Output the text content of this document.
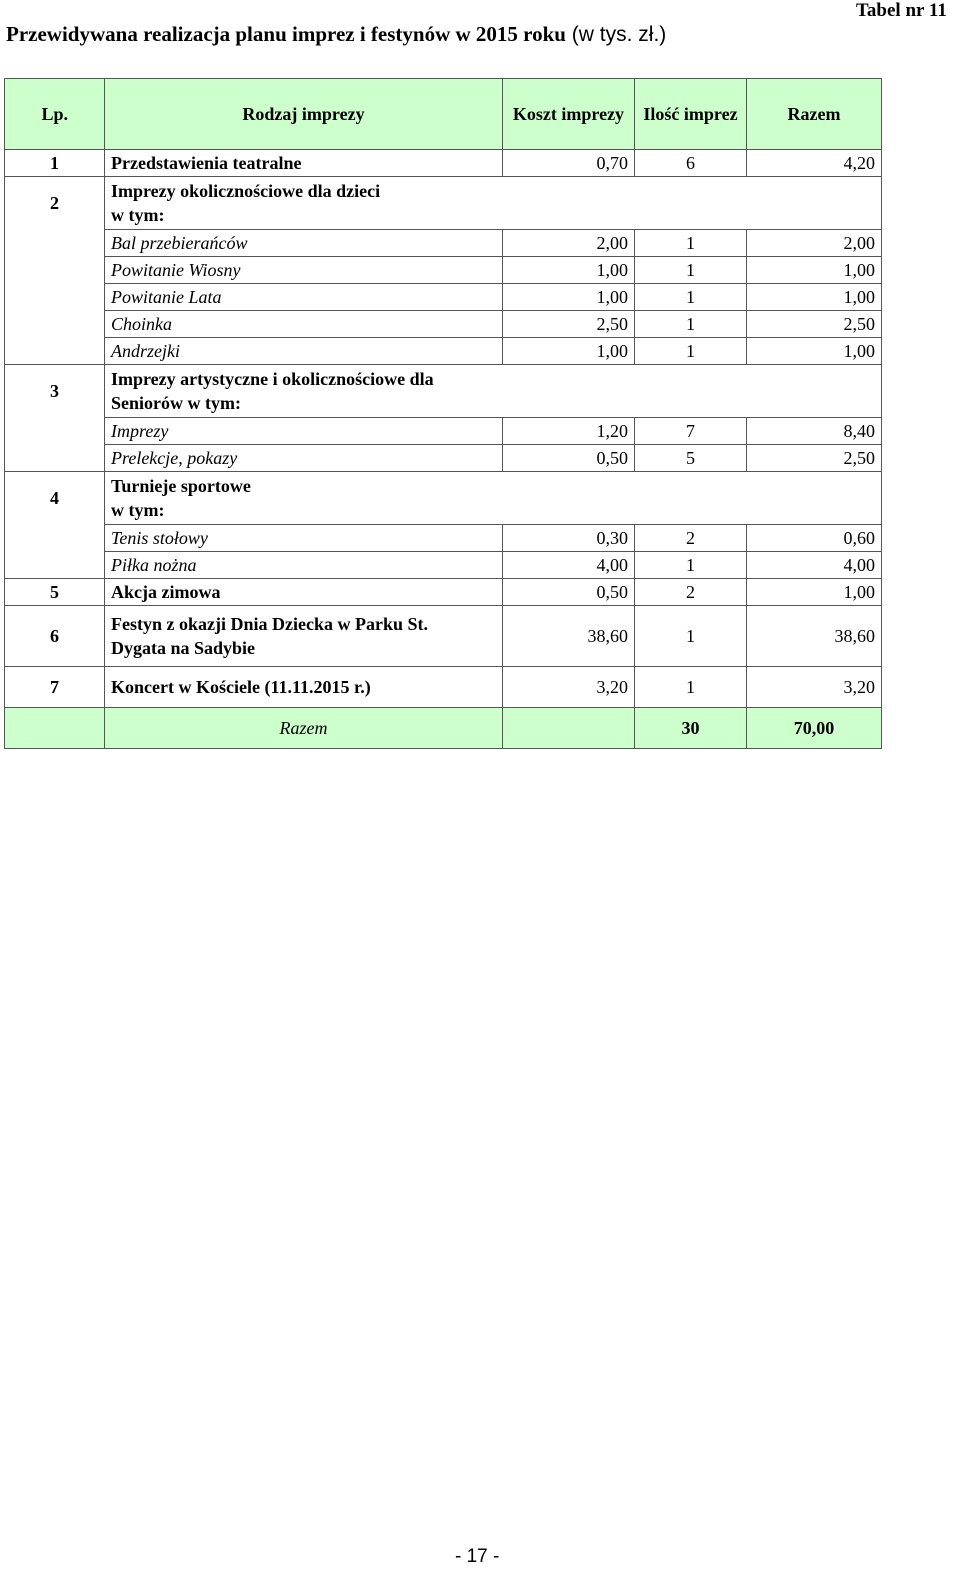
Przewidywana realizacja planu imprez i festynów w 2015 roku (w tys. zł.)
Tabel nr 11
Lp.	Rodzaj imprezy	Koszt imprezy	Ilość imprez	Razem
1	Przedstawienia teatralne	0,70	6	4,20
2	Imprezy okolicznościowe dla dzieci
w tym:			
	Bal przebierańców	2,00	1	2,00
	Powitanie Wiosny	1,00	1	1,00
	Powitanie Lata	1,00	1	1,00
	Choinka	2,50	1	2,50
	Andrzejki	1,00	1	1,00
3	Imprezy artystyczne i okolicznościowe dla
Seniorów w tym:			
	Imprezy	1,20	7	8,40
	Prelekcje, pokazy	0,50	5	2,50
4	Turnieje sportowe
w tym:			
	Tenis stołowy	0,30	2	0,60
	Piłka nożna	4,00	1	4,00
5	Akcja zimowa	0,50	2	1,00
6	Festyn z okazji Dnia Dziecka w Parku St.
Dygata na Sadybie	38,60	1	38,60
7	Koncert w Kościele (11.11.2015 r.)	3,20	1	3,20
	Razem		30	70,00
- 17 -
